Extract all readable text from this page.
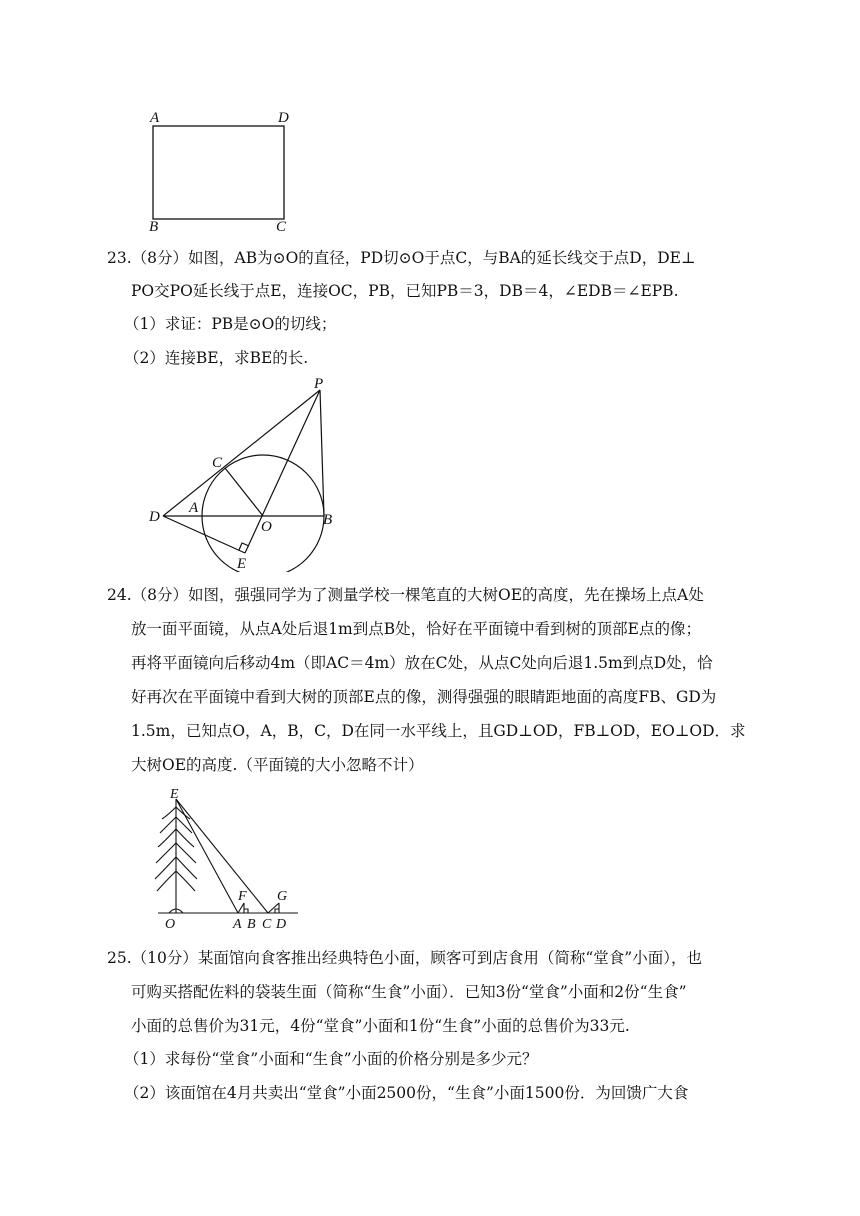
A	D
B	C

23.（8分）如图，AB为⊙O的直径，PD切⊙O于点C，与BA的延长线交于点D，DE⊥

PO交PO延长线于点E，连接OC，PB，已知PB＝3，DB＝4，∠EDB＝∠EPB.

（1）求证：PB是⊙O的切线；

（2）连接BE，求BE的长.

P
C
D
A
O	B
E

24.（8分）如图，强强同学为了测量学校一棵笔直的大树OE的高度，先在操场上点A处

放一面平面镜，从点A处后退1m到点B处，恰好在平面镜中看到树的顶部E点的像；

再将平面镜向后移动4m（即AC＝4m）放在C处，从点C处向后退1.5m到点D处，恰

好再次在平面镜中看到大树的顶部E点的像，测得强强的眼睛距地面的高度FB、GD为

1.5m，已知点O，A，B，C，D在同一水平线上，且GD⊥OD，FB⊥OD，EO⊥OD．求

大树OE的高度.（平面镜的大小忽略不计）

E
F G
O	A B C D

25.（10分）某面馆向食客推出经典特色小面，顾客可到店食用（简称“堂食”小面），也

可购买搭配佐料的袋装生面（简称“生食”小面）．已知3份“堂食”小面和2份“生食”

小面的总售价为31元，4份“堂食”小面和1份“生食”小面的总售价为33元.

（1）求每份“堂食”小面和“生食”小面的价格分别是多少元？

（2）该面馆在4月共卖出“堂食”小面2500份，“生食”小面1500份．为回馈广大食
